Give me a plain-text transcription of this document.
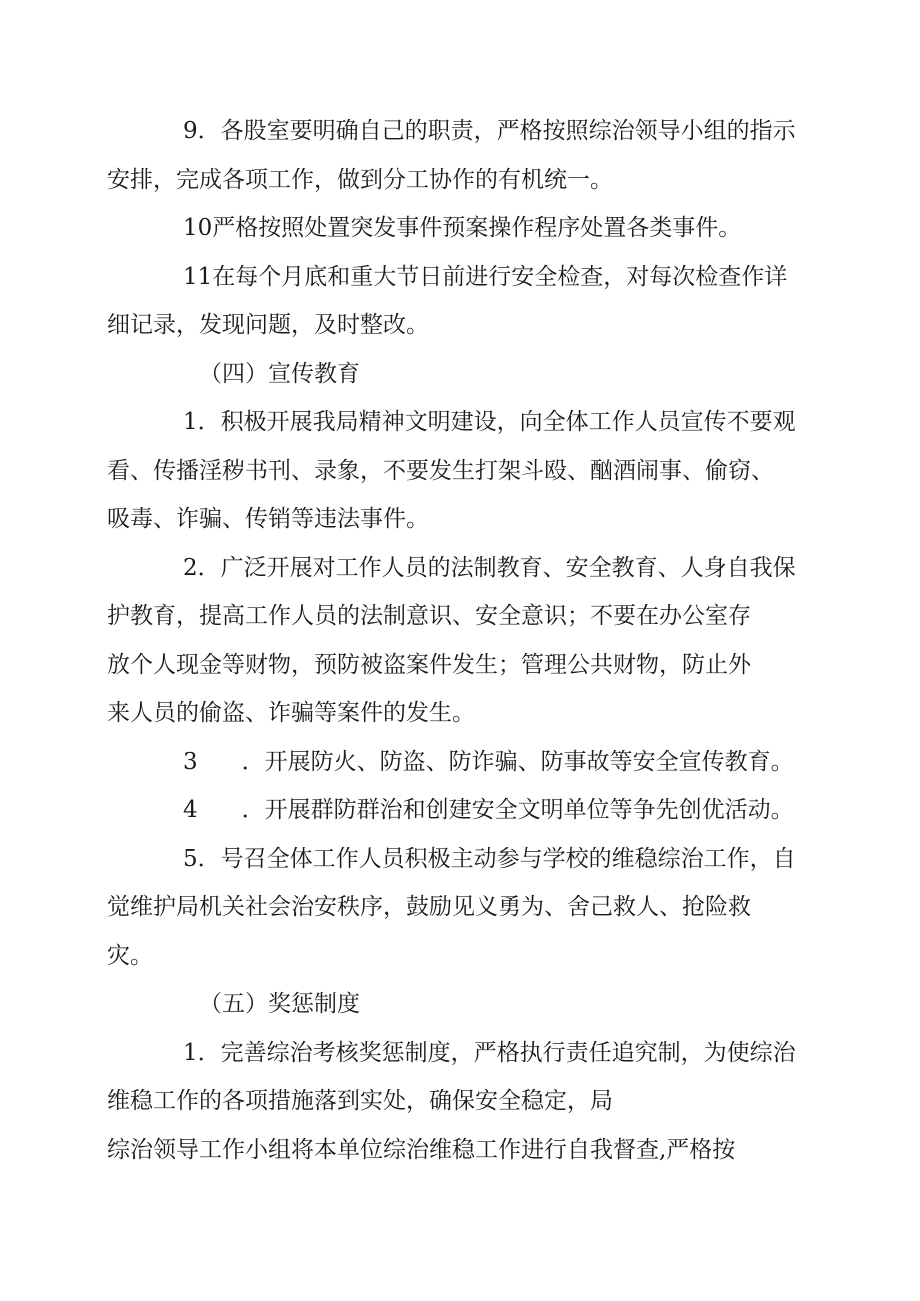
9．各股室要明确自己的职责，严格按照综治领导小组的指示
安排，完成各项工作，做到分工协作的有机统一。
10严格按照处置突发事件预案操作程序处置各类事件。
11在每个月底和重大节日前进行安全检查，对每次检查作详
细记录，发现问题，及时整改。
（四）宣传教育
1．积极开展我局精神文明建设，向全体工作人员宣传不要观
看、传播淫秽书刊、录象，不要发生打架斗殴、酗酒闹事、偷窃、
吸毒、诈骗、传销等违法事件。
2．广泛开展对工作人员的法制教育、安全教育、人身自我保
护教育，提高工作人员的法制意识、安全意识；不要在办公室存
放个人现金等财物，预防被盗案件发生；管理公共财物，防止外
来人员的偷盗、诈骗等案件的发生。
3 ．开展防火、防盗、防诈骗、防事故等安全宣传教育。
4 ．开展群防群治和创建安全文明单位等争先创优活动。
5．号召全体工作人员积极主动参与学校的维稳综治工作，自
觉维护局机关社会治安秩序，鼓励见义勇为、舍己救人、抢险救
灾。
（五）奖惩制度
1．完善综治考核奖惩制度，严格执行责任追究制，为使综治
维稳工作的各项措施落到实处，确保安全稳定，局
综治领导工作小组将本单位综治维稳工作进行自我督查,严格按
